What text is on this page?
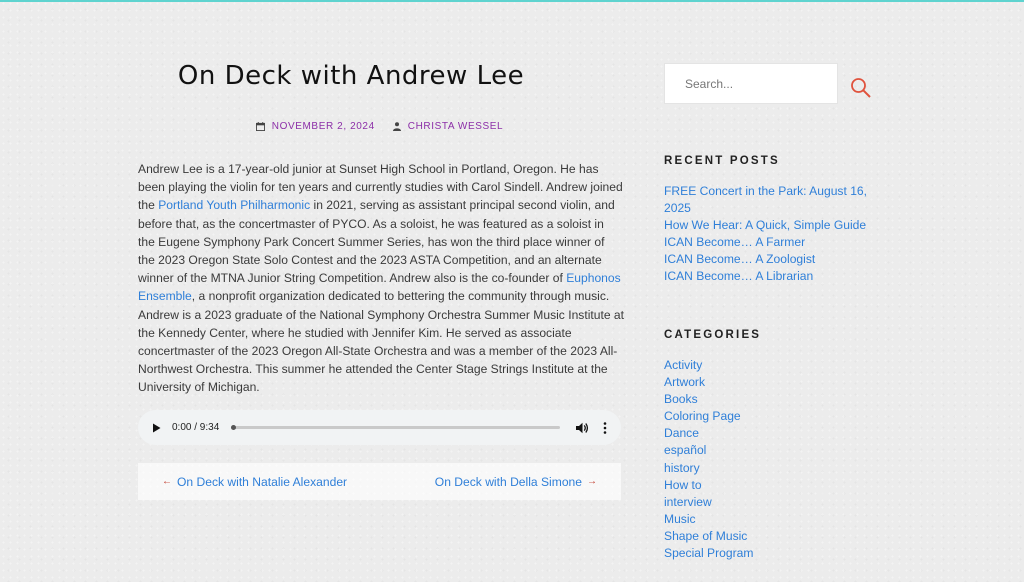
On Deck with Andrew Lee
NOVEMBER 2, 2024	CHRISTA WESSEL
Andrew Lee is a 17-year-old junior at Sunset High School in Portland, Oregon. He has been playing the violin for ten years and currently studies with Carol Sindell. Andrew joined the Portland Youth Philharmonic in 2021, serving as assistant principal second violin, and before that, as the concertmaster of PYCO. As a soloist, he was featured as a soloist in the Eugene Symphony Park Concert Summer Series, has won the third place winner of the 2023 Oregon State Solo Contest and the 2023 ASTA Competition, and an alternate winner of the MTNA Junior String Competition. Andrew also is the co-founder of Euphonos Ensemble, a nonprofit organization dedicated to bettering the community through music. Andrew is a 2023 graduate of the National Symphony Orchestra Summer Music Institute at the Kennedy Center, where he studied with Jennifer Kim. He served as associate concertmaster of the 2023 Oregon All-State Orchestra and was a member of the 2023 All-Northwest Orchestra. This summer he attended the Center Stage Strings Institute at the University of Michigan.
0:00 / 9:34
← On Deck with Natalie Alexander	On Deck with Della Simone →
Search...
RECENT POSTS
FREE Concert in the Park: August 16, 2025
How We Hear: A Quick, Simple Guide
ICAN Become… A Farmer
ICAN Become… A Zoologist
ICAN Become… A Librarian
CATEGORIES
Activity
Artwork
Books
Coloring Page
Dance
español
history
How to
interview
Music
Shape of Music
Special Program
